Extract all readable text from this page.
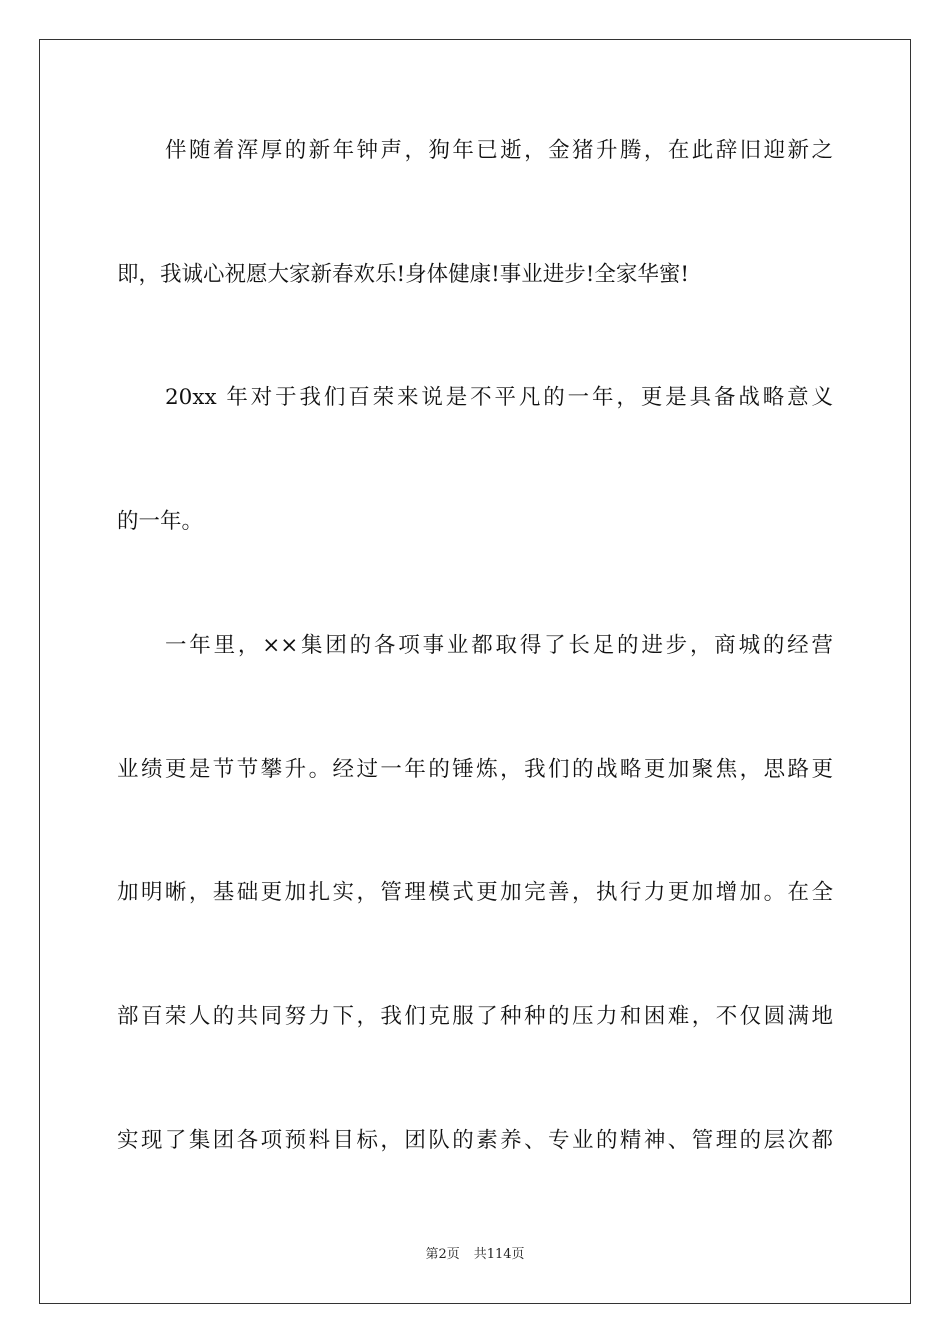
伴随着浑厚的新年钟声，狗年已逝，金猪升腾，在此辞旧迎新之
即，我诚心祝愿大家新春欢乐!身体健康!事业进步!全家华蜜!
20xx 年对于我们百荣来说是不平凡的一年，更是具备战略意义
的一年。
一年里，××集团的各项事业都取得了长足的进步，商城的经营
业绩更是节节攀升。经过一年的锤炼，我们的战略更加聚焦，思路更
加明晰，基础更加扎实，管理模式更加完善，执行力更加增加。在全
部百荣人的共同努力下，我们克服了种种的压力和困难，不仅圆满地
实现了集团各项预料目标，团队的素养、专业的精神、管理的层次都
第2页 共114页
